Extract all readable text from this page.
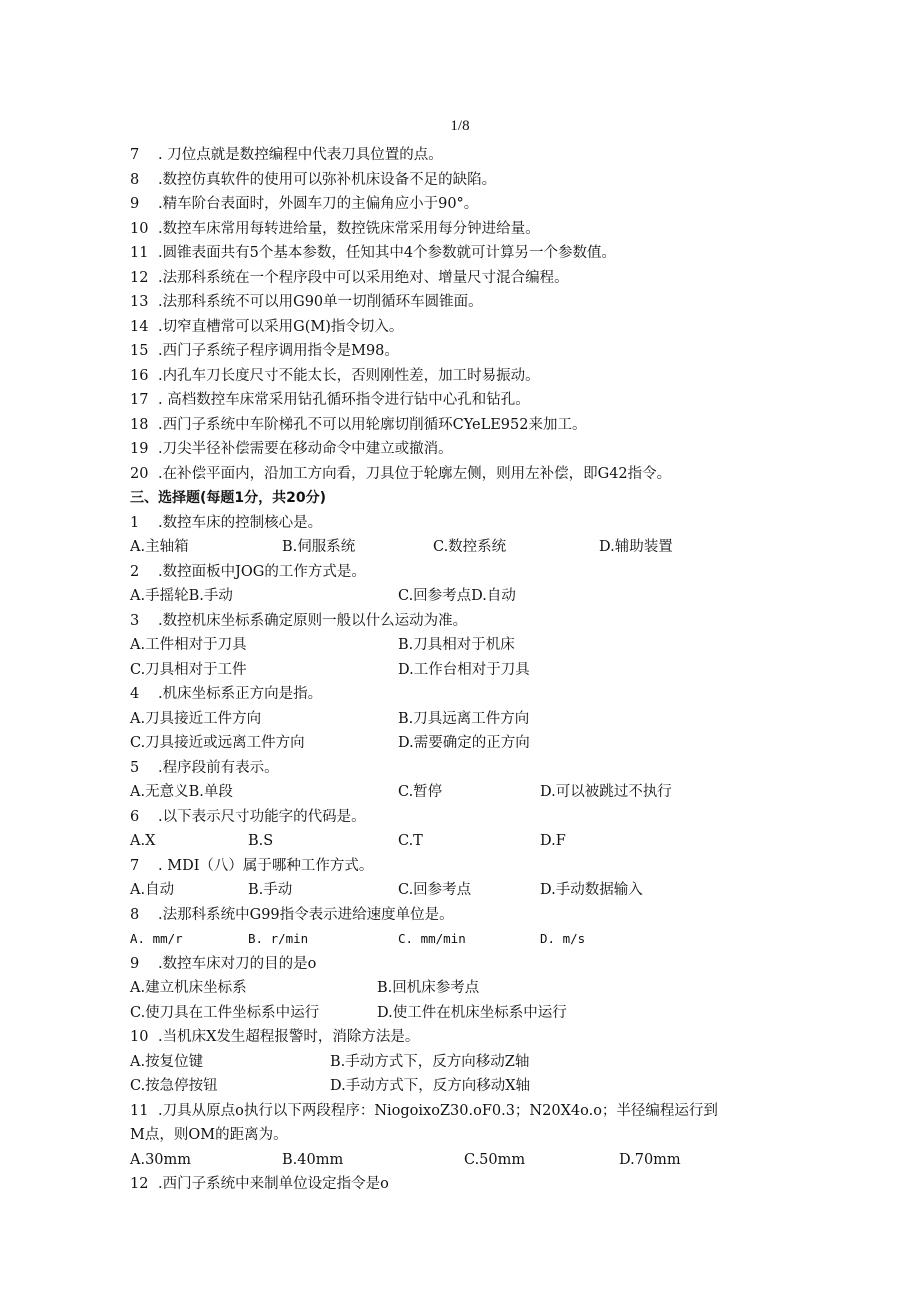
1/8
7 . 刀位点就是数控编程中代表刀具位置的点。
8 .数控仿真软件的使用可以弥补机床设备不足的缺陷。
9 .精车阶台表面时，外圆车刀的主偏角应小于90°。
10 .数控车床常用每转进给量，数控铣床常采用每分钟进给量。
11 .圆锥表面共有5个基本参数，任知其中4个参数就可计算另一个参数值。
12 .法那科系统在一个程序段中可以采用绝对、增量尺寸混合编程。
13 .法那科系统不可以用G90单一切削循环车圆锥面。
14 .切窄直槽常可以采用G(M)指令切入。
15 .西门子系统子程序调用指令是M98。
16 .内孔车刀长度尺寸不能太长，否则刚性差，加工时易振动。
17 . 高档数控车床常采用钻孔循环指令进行钻中心孔和钻孔。
18 .西门子系统中车阶梯孔不可以用轮廓切削循环CYeLE952来加工。
19 .刀尖半径补偿需要在移动命令中建立或撤消。
20 .在补偿平面内，沿加工方向看，刀具位于轮廓左侧，则用左补偿，即G42指令。
三、选择题(每题1分，共20分)
1 .数控车床的控制核心是。
A.主轴箱	B.伺服系统	C.数控系统	D.辅助装置
2 .数控面板中JOG的工作方式是。
A.手摇轮B.手动	C.回参考点D.自动
3 .数控机床坐标系确定原则一般以什么运动为准。
A.工件相对于刀具	B.刀具相对于机床
C.刀具相对于工件	D.工作台相对于刀具
4 .机床坐标系正方向是指。
A.刀具接近工件方向	B.刀具远离工件方向
C.刀具接近或远离工件方向	D.需要确定的正方向
5 .程序段前有表示。
A.无意义B.单段	C.暂停	D.可以被跳过不执行
6 .以下表示尺寸功能字的代码是。
A.X	B.S	C.T	D.F
7 . MDI（八）属于哪种工作方式。
A.自动	B.手动	C.回参考点	D.手动数据输入
8 .法那科系统中G99指令表示进给速度单位是。
A. mm/r	B. r/min	C. mm/min	D. m/s
9 .数控车床对刀的目的是o
A.建立机床坐标系	B.回机床参考点
C.使刀具在工件坐标系中运行	D.使工件在机床坐标系中运行
10 .当机床X发生超程报警时，消除方法是。
A.按复位键	B.手动方式下，反方向移动Z轴
C.按急停按钮	D.手动方式下，反方向移动X轴
11 .刀具从原点o执行以下两段程序：NiogoixoZ30.oF0.3；N20X4o.o；半径编程运行到
M点，则OM的距离为。
A.30mm	B.40mm	C.50mm	D.70mm
12 .西门子系统中来制单位设定指令是o
